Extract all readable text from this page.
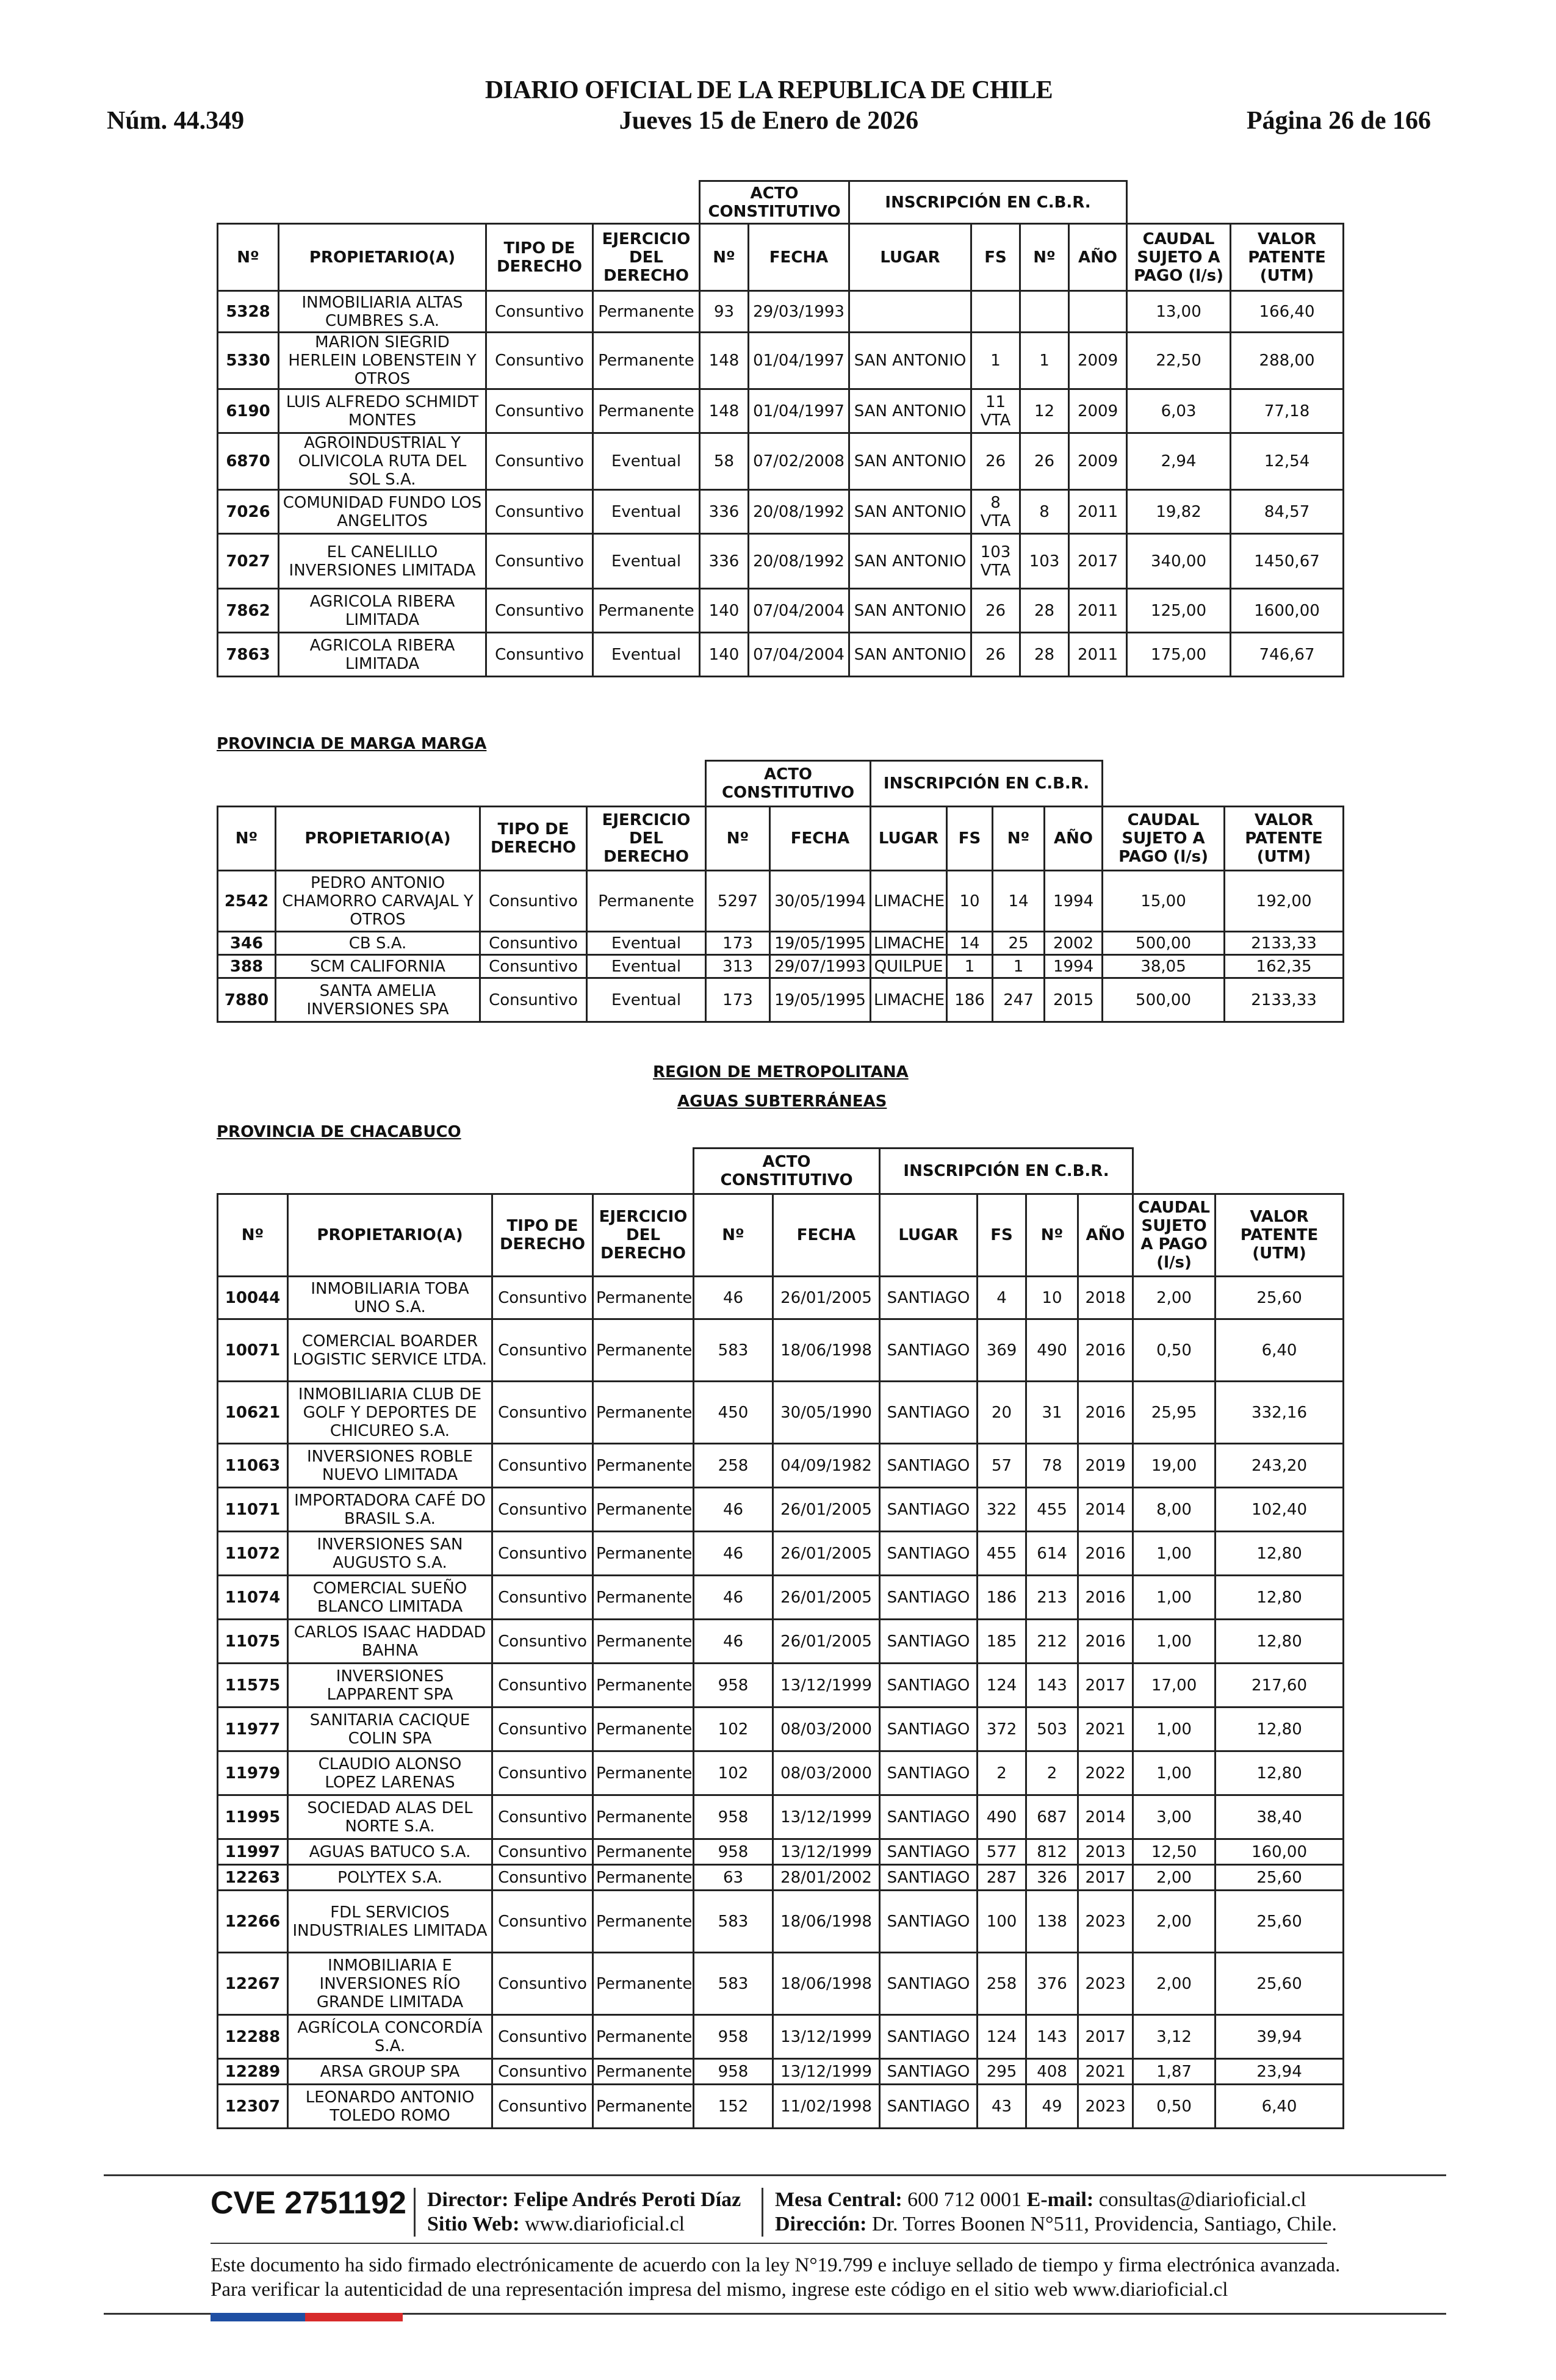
DIARIO OFICIAL DE LA REPUBLICA DE CHILE
Núm. 44.349	Jueves 15 de Enero de 2026	Página 26 de 166
				ACTO CONSTITUTIVO		INSCRIPCIÓN EN C.B.R.					
Nº	PROPIETARIO(A)	TIPO DE DERECHO	EJERCICIO DEL DERECHO	Nº	FECHA	LUGAR	FS	Nº	AÑO	CAUDAL SUJETO A PAGO (l/s)	VALOR PATENTE (UTM)
5328	INMOBILIARIA ALTAS CUMBRES S.A.	Consuntivo	Permanente	93	29/03/1993					13,00	166,40
5330	MARION SIEGRID HERLEIN LOBENSTEIN Y OTROS	Consuntivo	Permanente	148	01/04/1997	SAN ANTONIO	1	1	2009	22,50	288,00
6190	LUIS ALFREDO SCHMIDT MONTES	Consuntivo	Permanente	148	01/04/1997	SAN ANTONIO	11 VTA	12	2009	6,03	77,18
6870	AGROINDUSTRIAL Y OLIVICOLA RUTA DEL SOL S.A.	Consuntivo	Eventual	58	07/02/2008	SAN ANTONIO	26	26	2009	2,94	12,54
7026	COMUNIDAD FUNDO LOS ANGELITOS	Consuntivo	Eventual	336	20/08/1992	SAN ANTONIO	8 VTA	8	2011	19,82	84,57
7027	EL CANELILLO INVERSIONES LIMITADA	Consuntivo	Eventual	336	20/08/1992	SAN ANTONIO	103 VTA	103	2017	340,00	1450,67
7862	AGRICOLA RIBERA LIMITADA	Consuntivo	Permanente	140	07/04/2004	SAN ANTONIO	26	28	2011	125,00	1600,00
7863	AGRICOLA RIBERA LIMITADA	Consuntivo	Eventual	140	07/04/2004	SAN ANTONIO	26	28	2011	175,00	746,67
PROVINCIA DE MARGA MARGA
				ACTO CONSTITUTIVO		INSCRIPCIÓN EN C.B.R.					
Nº	PROPIETARIO(A)	TIPO DE DERECHO	EJERCICIO DEL DERECHO	Nº	FECHA	LUGAR	FS	Nº	AÑO	CAUDAL SUJETO A PAGO (l/s)	VALOR PATENTE (UTM)
2542	PEDRO ANTONIO CHAMORRO CARVAJAL Y OTROS	Consuntivo	Permanente	5297	30/05/1994	LIMACHE	10	14	1994	15,00	192,00
346	CB S.A.	Consuntivo	Eventual	173	19/05/1995	LIMACHE	14	25	2002	500,00	2133,33
388	SCM CALIFORNIA	Consuntivo	Eventual	313	29/07/1993	QUILPUE	1	1	1994	38,05	162,35
7880	SANTA AMELIA INVERSIONES SPA	Consuntivo	Eventual	173	19/05/1995	LIMACHE	186	247	2015	500,00	2133,33
REGION DE METROPOLITANA
AGUAS SUBTERRÁNEAS
PROVINCIA DE CHACABUCO
				ACTO CONSTITUTIVO		INSCRIPCIÓN EN C.B.R.					
Nº	PROPIETARIO(A)	TIPO DE DERECHO	EJERCICIO DEL DERECHO	Nº	FECHA	LUGAR	FS	Nº	AÑO	CAUDAL SUJETO A PAGO (l/s)	VALOR PATENTE (UTM)
10044	INMOBILIARIA TOBA UNO S.A.	Consuntivo	Permanente	46	26/01/2005	SANTIAGO	4	10	2018	2,00	25,60
10071	COMERCIAL BOARDER LOGISTIC SERVICE LTDA.	Consuntivo	Permanente	583	18/06/1998	SANTIAGO	369	490	2016	0,50	6,40
10621	INMOBILIARIA CLUB DE GOLF Y DEPORTES DE CHICUREO S.A.	Consuntivo	Permanente	450	30/05/1990	SANTIAGO	20	31	2016	25,95	332,16
11063	INVERSIONES ROBLE NUEVO LIMITADA	Consuntivo	Permanente	258	04/09/1982	SANTIAGO	57	78	2019	19,00	243,20
11071	IMPORTADORA CAFÉ DO BRASIL S.A.	Consuntivo	Permanente	46	26/01/2005	SANTIAGO	322	455	2014	8,00	102,40
11072	INVERSIONES SAN AUGUSTO S.A.	Consuntivo	Permanente	46	26/01/2005	SANTIAGO	455	614	2016	1,00	12,80
11074	COMERCIAL SUEÑO BLANCO LIMITADA	Consuntivo	Permanente	46	26/01/2005	SANTIAGO	186	213	2016	1,00	12,80
11075	CARLOS ISAAC HADDAD BAHNA	Consuntivo	Permanente	46	26/01/2005	SANTIAGO	185	212	2016	1,00	12,80
11575	INVERSIONES LAPPARENT SPA	Consuntivo	Permanente	958	13/12/1999	SANTIAGO	124	143	2017	17,00	217,60
11977	SANITARIA CACIQUE COLIN SPA	Consuntivo	Permanente	102	08/03/2000	SANTIAGO	372	503	2021	1,00	12,80
11979	CLAUDIO ALONSO LOPEZ LARENAS	Consuntivo	Permanente	102	08/03/2000	SANTIAGO	2	2	2022	1,00	12,80
11995	SOCIEDAD ALAS DEL NORTE S.A.	Consuntivo	Permanente	958	13/12/1999	SANTIAGO	490	687	2014	3,00	38,40
11997	AGUAS BATUCO S.A.	Consuntivo	Permanente	958	13/12/1999	SANTIAGO	577	812	2013	12,50	160,00
12263	POLYTEX S.A.	Consuntivo	Permanente	63	28/01/2002	SANTIAGO	287	326	2017	2,00	25,60
12266	FDL SERVICIOS INDUSTRIALES LIMITADA	Consuntivo	Permanente	583	18/06/1998	SANTIAGO	100	138	2023	2,00	25,60
12267	INMOBILIARIA E INVERSIONES RÍO GRANDE LIMITADA	Consuntivo	Permanente	583	18/06/1998	SANTIAGO	258	376	2023	2,00	25,60
12288	AGRÍCOLA CONCORDÍA S.A.	Consuntivo	Permanente	958	13/12/1999	SANTIAGO	124	143	2017	3,12	39,94
12289	ARSA GROUP SPA	Consuntivo	Permanente	958	13/12/1999	SANTIAGO	295	408	2021	1,87	23,94
12307	LEONARDO ANTONIO TOLEDO ROMO	Consuntivo	Permanente	152	11/02/1998	SANTIAGO	43	49	2023	0,50	6,40
CVE 2751192 Director: Felipe Andrés Peroti Díaz
Sitio Web: www.diarioficial.cl
Mesa Central: 600 712 0001 E-mail: consultas@diarioficial.cl
Dirección: Dr. Torres Boonen N°511, Providencia, Santiago, Chile.
Este documento ha sido firmado electrónicamente de acuerdo con la ley N°19.799 e incluye sellado de tiempo y firma electrónica avanzada. Para verificar la autenticidad de una representación impresa del mismo, ingrese este código en el sitio web www.diarioficial.cl
